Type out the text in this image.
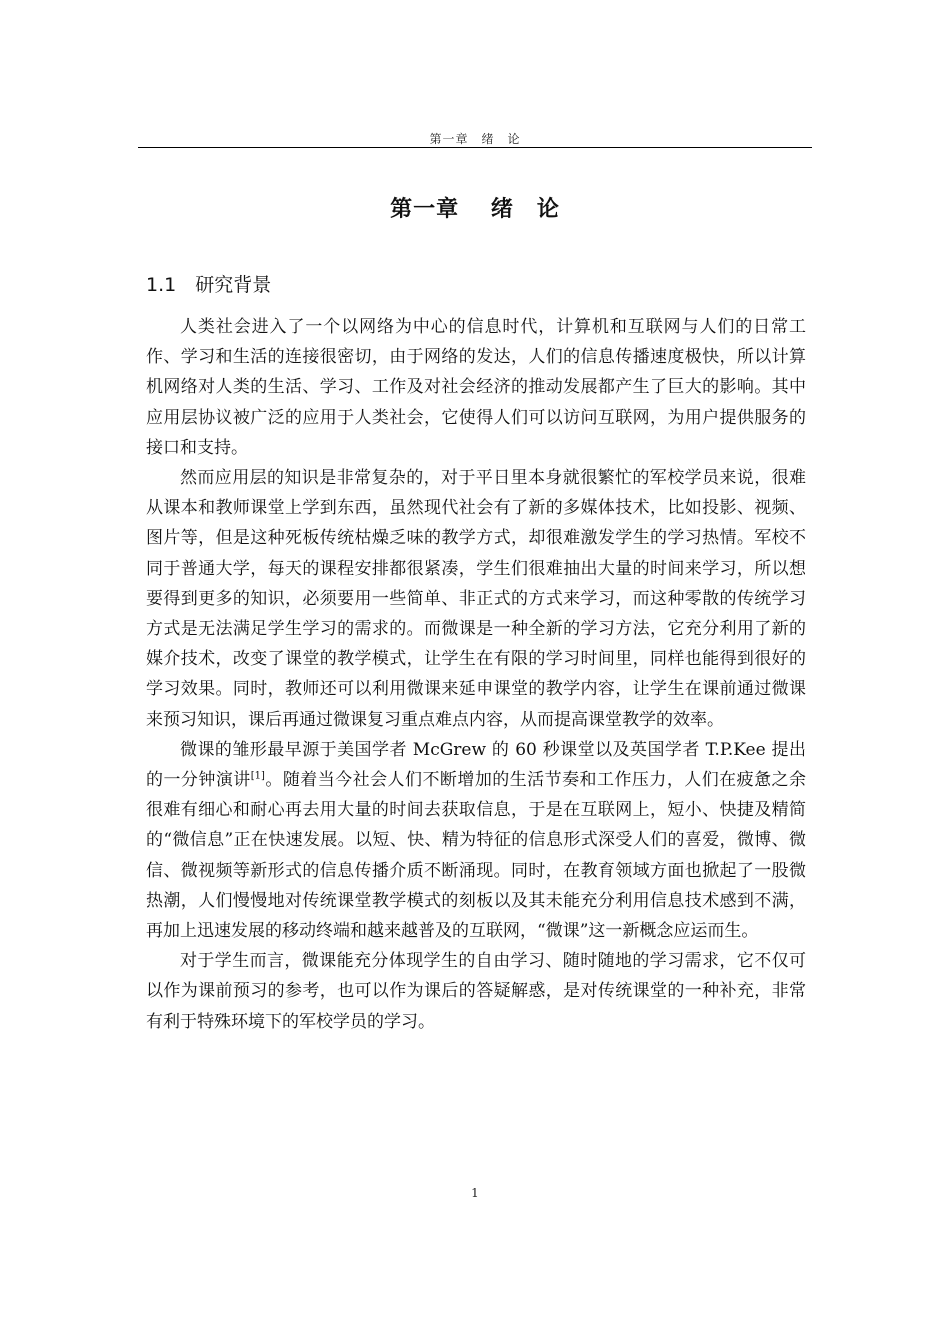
第一章　绪　论
第一章　 绪　论
1.1　研究背景

人类社会进入了一个以网络为中心的信息时代，计算机和互联网与人们的日常工作、学习和生活的连接很密切，由于网络的发达，人们的信息传播速度极快，所以计算机网络对人类的生活、学习、工作及对社会经济的推动发展都产生了巨大的影响。其中应用层协议被广泛的应用于人类社会，它使得人们可以访问互联网，为用户提供服务的接口和支持。

然而应用层的知识是非常复杂的，对于平日里本身就很繁忙的军校学员来说，很难从课本和教师课堂上学到东西，虽然现代社会有了新的多媒体技术，比如投影、视频、图片等，但是这种死板传统枯燥乏味的教学方式，却很难激发学生的学习热情。军校不同于普通大学，每天的课程安排都很紧凑，学生们很难抽出大量的时间来学习，所以想要得到更多的知识，必须要用一些简单、非正式的方式来学习，而这种零散的传统学习方式是无法满足学生学习的需求的。而微课是一种全新的学习方法，它充分利用了新的媒介技术，改变了课堂的教学模式，让学生在有限的学习时间里，同样也能得到很好的学习效果。同时，教师还可以利用微课来延申课堂的教学内容，让学生在课前通过微课来预习知识，课后再通过微课复习重点难点内容，从而提高课堂教学的效率。

微课的雏形最早源于美国学者 McGrew 的 60 秒课堂以及英国学者 T.P.Kee 提出的一分钟演讲[1]。随着当今社会人们不断增加的生活节奏和工作压力，人们在疲惫之余很难有细心和耐心再去用大量的时间去获取信息，于是在互联网上，短小、快捷及精简的“微信息”正在快速发展。以短、快、精为特征的信息形式深受人们的喜爱，微博、微信、微视频等新形式的信息传播介质不断涌现。同时，在教育领域方面也掀起了一股微热潮，人们慢慢地对传统课堂教学模式的刻板以及其未能充分利用信息技术感到不满，再加上迅速发展的移动终端和越来越普及的互联网，“微课”这一新概念应运而生。

对于学生而言，微课能充分体现学生的自由学习、随时随地的学习需求，它不仅可以作为课前预习的参考，也可以作为课后的答疑解惑，是对传统课堂的一种补充，非常有利于特殊环境下的军校学员的学习。

1
